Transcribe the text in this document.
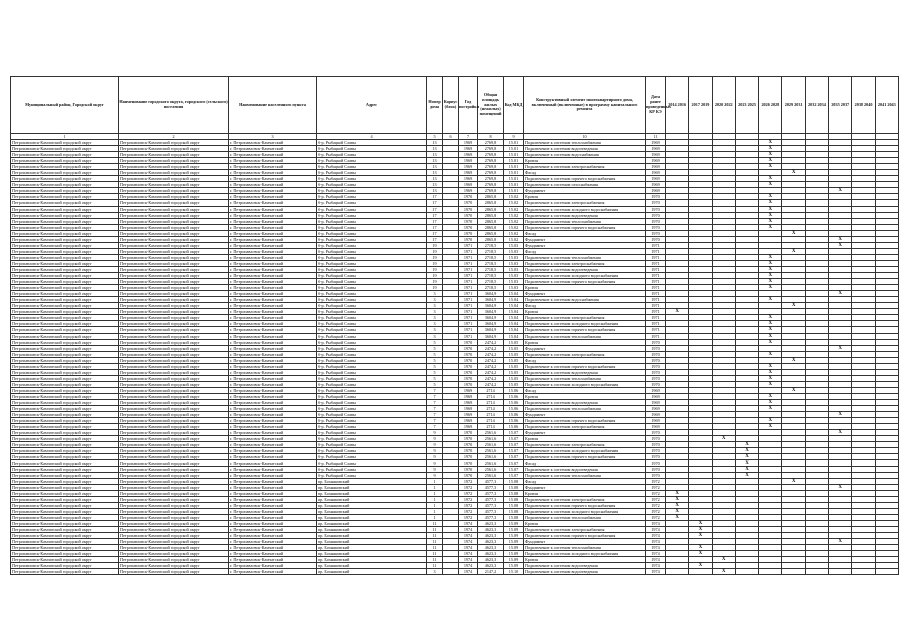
Муниципальный район, Городской округ	Наименование городского округа, городского (сельского) поселения	Наименование населенного пункта	Адрес	Номер дома	Корпус (блок)	Год постройки	Общая площадь жилых (нежилых) помещений	Код МКД	Конструктивный элемент многоквартирного дома, включенный (включенные) в программу капитального ремонта	Дата ранее проведенных КР КЭ	2014 2016	2017 2019	2020 2022	2023 2025	2026 2028	2029 2031	2032 2034	2035 2037	2038 2040	2041 2043
1	2	3	4	5	6	7	8	9	10	11										
Петропавловск-Камчатский городской округ	Петропавловск-Камчатский городской округ	г. Петропавловск-Камчатский	б-р. Рыбацкой Славы	13		1969	2769,8	15.01	Подключение к системам теплоснабжения	1969					X					
Петропавловск-Камчатский городской округ	Петропавловск-Камчатский городской округ	г. Петропавловск-Камчатский	б-р. Рыбацкой Славы	13		1969	2769,8	15.01	Подключение к системам водоотведения	1969					X					
Петропавловск-Камчатский городской округ	Петропавловск-Камчатский городской округ	г. Петропавловск-Камчатский	б-р. Рыбацкой Славы	13		1969	2769,8	15.01	Подключение к системам водоснабжения	1969					X					
Петропавловск-Камчатский городской округ	Петропавловск-Камчатский городской округ	г. Петропавловск-Камчатский	б-р. Рыбацкой Славы	13		1969	2769,8	15.01	Кровля	1969					X					
Петропавловск-Камчатский городской округ	Петропавловск-Камчатский городской округ	г. Петропавловск-Камчатский	б-р. Рыбацкой Славы	13		1969	2769,8	15.01	Подключение к системам электроснабжения	1969					X					
Петропавловск-Камчатский городской округ	Петропавловск-Камчатский городской округ	г. Петропавловск-Камчатский	б-р. Рыбацкой Славы	13		1969	2769,8	15.01	Фасад	1969						X				
Петропавловск-Камчатский городской округ	Петропавловск-Камчатский городской округ	г. Петропавловск-Камчатский	б-р. Рыбацкой Славы	13		1969	2769,8	15.01	Подключение к системам горячего водоснабжения	1969					X					
Петропавловск-Камчатский городской округ	Петропавловск-Камчатский городской округ	г. Петропавловск-Камчатский	б-р. Рыбацкой Славы	13		1969	2769,8	15.01	Подключение к системам газоснабжения	1969					X					
Петропавловск-Камчатский городской округ	Петропавловск-Камчатский городской округ	г. Петропавловск-Камчатский	б-р. Рыбацкой Славы	13		1969	2769,8	15.01	Фундамент	1969								X		
Петропавловск-Камчатский городской округ	Петропавловск-Камчатский городской округ	г. Петропавловск-Камчатский	б-р. Рыбацкой Славы	17		1970	2865,8	15.02	Кровля	1970					X					
Петропавловск-Камчатский городской округ	Петропавловск-Камчатский городской округ	г. Петропавловск-Камчатский	б-р. Рыбацкой Славы	17		1970	2865,8	15.02	Подключение к системам электроснабжения	1970					X					
Петропавловск-Камчатский городской округ	Петропавловск-Камчатский городской округ	г. Петропавловск-Камчатский	б-р. Рыбацкой Славы	17		1970	2865,8	15.02	Подключение к системам холодного водоснабжения	1970					X					
Петропавловск-Камчатский городской округ	Петропавловск-Камчатский городской округ	г. Петропавловск-Камчатский	б-р. Рыбацкой Славы	17		1970	2865,8	15.02	Подключение к системам водоотведения	1970					X					
Петропавловск-Камчатский городской округ	Петропавловск-Камчатский городской округ	г. Петропавловск-Камчатский	б-р. Рыбацкой Славы	17		1970	2865,8	15.02	Подключение к системам теплоснабжения	1970					X					
Петропавловск-Камчатский городской округ	Петропавловск-Камчатский городской округ	г. Петропавловск-Камчатский	б-р. Рыбацкой Славы	17		1970	2865,8	15.02	Подключение к системам горячего водоснабжения	1970					X					
Петропавловск-Камчатский городской округ	Петропавловск-Камчатский городской округ	г. Петропавловск-Камчатский	б-р. Рыбацкой Славы	17		1970	2865,8	15.02	Фасад	1970						X				
Петропавловск-Камчатский городской округ	Петропавловск-Камчатский городской округ	г. Петропавловск-Камчатский	б-р. Рыбацкой Славы	17		1970	2865,8	15.02	Фундамент	1970								X		
Петропавловск-Камчатский городской округ	Петропавловск-Камчатский городской округ	г. Петропавловск-Камчатский	б-р. Рыбацкой Славы	19		1971	2718,5	15.03	Фундамент	1971								X		
Петропавловск-Камчатский городской округ	Петропавловск-Камчатский городской округ	г. Петропавловск-Камчатский	б-р. Рыбацкой Славы	19		1971	2718,5	15.03	Фасад	1971						X				
Петропавловск-Камчатский городской округ	Петропавловск-Камчатский городской округ	г. Петропавловск-Камчатский	б-р. Рыбацкой Славы	19		1971	2718,5	15.03	Подключение к системам теплоснабжения	1971					X					
Петропавловск-Камчатский городской округ	Петропавловск-Камчатский городской округ	г. Петропавловск-Камчатский	б-р. Рыбацкой Славы	19		1971	2718,5	15.03	Подключение к системам электроснабжения	1971					X					
Петропавловск-Камчатский городской округ	Петропавловск-Камчатский городской округ	г. Петропавловск-Камчатский	б-р. Рыбацкой Славы	19		1971	2718,5	15.03	Подключение к системам водоотведения	1971					X					
Петропавловск-Камчатский городской округ	Петропавловск-Камчатский городской округ	г. Петропавловск-Камчатский	б-р. Рыбацкой Славы	19		1971	2718,5	15.03	Подключение к системам холодного водоснабжения	1971					X					
Петропавловск-Камчатский городской округ	Петропавловск-Камчатский городской округ	г. Петропавловск-Камчатский	б-р. Рыбацкой Славы	19		1971	2718,5	15.03	Подключение к системам горячего водоснабжения	1971					X					
Петропавловск-Камчатский городской округ	Петропавловск-Камчатский городской округ	г. Петропавловск-Камчатский	б-р. Рыбацкой Славы	19		1971	2718,5	15.03	Кровля	1971					X					
Петропавловск-Камчатский городской округ	Петропавловск-Камчатский городской округ	г. Петропавловск-Камчатский	б-р. Рыбацкой Славы	3		1971	3604,9	15.04	Фундамент	1971								X		
Петропавловск-Камчатский городской округ	Петропавловск-Камчатский городской округ	г. Петропавловск-Камчатский	б-р. Рыбацкой Славы	3		1971	3604,9	15.04	Подключение к системам водоснабжения	1971					X					
Петропавловск-Камчатский городской округ	Петропавловск-Камчатский городской округ	г. Петропавловск-Камчатский	б-р. Рыбацкой Славы	3		1971	3604,9	15.04	Фасад	1971						X				
Петропавловск-Камчатский городской округ	Петропавловск-Камчатский городской округ	г. Петропавловск-Камчатский	б-р. Рыбацкой Славы	3		1971	3604,9	15.04	Кровля	1971	X									
Петропавловск-Камчатский городской округ	Петропавловск-Камчатский городской округ	г. Петропавловск-Камчатский	б-р. Рыбацкой Славы	3		1971	3604,9	15.04	Подключение к системам электроснабжения	1971					X					
Петропавловск-Камчатский городской округ	Петропавловск-Камчатский городской округ	г. Петропавловск-Камчатский	б-р. Рыбацкой Славы	3		1971	3604,9	15.04	Подключение к системам холодного водоснабжения	1971					X					
Петропавловск-Камчатский городской округ	Петропавловск-Камчатский городской округ	г. Петропавловск-Камчатский	б-р. Рыбацкой Славы	3		1971	3604,9	15.04	Подключение к системам горячего водоснабжения	1971					X					
Петропавловск-Камчатский городской округ	Петропавловск-Камчатский городской округ	г. Петропавловск-Камчатский	б-р. Рыбацкой Славы	3		1971	3604,9	15.04	Подключение к системам теплоснабжения	1971					X					
Петропавловск-Камчатский городской округ	Петропавловск-Камчатский городской округ	г. Петропавловск-Камчатский	б-р. Рыбацкой Славы	5		1970	2474,2	15.05	Кровля	1970					X					
Петропавловск-Камчатский городской округ	Петропавловск-Камчатский городской округ	г. Петропавловск-Камчатский	б-р. Рыбацкой Славы	5		1970	2474,2	15.05	Фундамент	1970								X		
Петропавловск-Камчатский городской округ	Петропавловск-Камчатский городской округ	г. Петропавловск-Камчатский	б-р. Рыбацкой Славы	5		1970	2474,2	15.05	Подключение к системам электроснабжения	1970					X					
Петропавловск-Камчатский городской округ	Петропавловск-Камчатский городской округ	г. Петропавловск-Камчатский	б-р. Рыбацкой Славы	5		1970	2474,2	15.05	Фасад	1970						X				
Петропавловск-Камчатский городской округ	Петропавловск-Камчатский городской округ	г. Петропавловск-Камчатский	б-р. Рыбацкой Славы	5		1970	2474,2	15.05	Подключение к системам горячего водоснабжения	1970					X					
Петропавловск-Камчатский городской округ	Петропавловск-Камчатский городской округ	г. Петропавловск-Камчатский	б-р. Рыбацкой Славы	5		1970	2474,2	15.05	Подключение к системам водоотведения	1970					X					
Петропавловск-Камчатский городской округ	Петропавловск-Камчатский городской округ	г. Петропавловск-Камчатский	б-р. Рыбацкой Славы	5		1970	2474,2	15.05	Подключение к системам теплоснабжения	1970					X					
Петропавловск-Камчатский городской округ	Петропавловск-Камчатский городской округ	г. Петропавловск-Камчатский	б-р. Рыбацкой Славы	5		1970	2474,2	15.05	Подключение к системам холодного водоснабжения	1970					X					
Петропавловск-Камчатский городской округ	Петропавловск-Камчатский городской округ	г. Петропавловск-Камчатский	б-р. Рыбацкой Славы	7		1969	2714	15.06	Фасад	1969						X				
Петропавловск-Камчатский городской округ	Петропавловск-Камчатский городской округ	г. Петропавловск-Камчатский	б-р. Рыбацкой Славы	7		1969	2714	15.06	Кровля	1969					X					
Петропавловск-Камчатский городской округ	Петропавловск-Камчатский городской округ	г. Петропавловск-Камчатский	б-р. Рыбацкой Славы	7		1969	2714	15.06	Подключение к системам водоотведения	1969					X					
Петропавловск-Камчатский городской округ	Петропавловск-Камчатский городской округ	г. Петропавловск-Камчатский	б-р. Рыбацкой Славы	7		1969	2714	15.06	Подключение к системам теплоснабжения	1969					X					
Петропавловск-Камчатский городской округ	Петропавловск-Камчатский городской округ	г. Петропавловск-Камчатский	б-р. Рыбацкой Славы	7		1969	2714	15.06	Фундамент	1969								X		
Петропавловск-Камчатский городской округ	Петропавловск-Камчатский городской округ	г. Петропавловск-Камчатский	б-р. Рыбацкой Славы	7		1969	2714	15.06	Подключение к системам горячего водоснабжения	1969					X					
Петропавловск-Камчатский городской округ	Петропавловск-Камчатский городской округ	г. Петропавловск-Камчатский	б-р. Рыбацкой Славы	7		1969	2714	15.06	Подключение к системам электроснабжения	1969					X					
Петропавловск-Камчатский городской округ	Петропавловск-Камчатский городской округ	г. Петропавловск-Камчатский	б-р. Рыбацкой Славы	9		1970	2561,6	15.07	Фундамент	1970								X		
Петропавловск-Камчатский городской округ	Петропавловск-Камчатский городской округ	г. Петропавловск-Камчатский	б-р. Рыбацкой Славы	9		1970	2561,6	15.07	Кровля	1970			X							
Петропавловск-Камчатский городской округ	Петропавловск-Камчатский городской округ	г. Петропавловск-Камчатский	б-р. Рыбацкой Славы	9		1970	2561,6	15.07	Подключение к системам электроснабжения	1970				X						
Петропавловск-Камчатский городской округ	Петропавловск-Камчатский городской округ	г. Петропавловск-Камчатский	б-р. Рыбацкой Славы	9		1970	2561,6	15.07	Подключение к системам холодного водоснабжения	1970				X						
Петропавловск-Камчатский городской округ	Петропавловск-Камчатский городской округ	г. Петропавловск-Камчатский	б-р. Рыбацкой Славы	9		1970	2561,6	15.07	Подключение к системам горячего водоснабжения	1970				X						
Петропавловск-Камчатский городской округ	Петропавловск-Камчатский городской округ	г. Петропавловск-Камчатский	б-р. Рыбацкой Славы	9		1970	2561,6	15.07	Фасад	1970				X						
Петропавловск-Камчатский городской округ	Петропавловск-Камчатский городской округ	г. Петропавловск-Камчатский	б-р. Рыбацкой Славы	9		1970	2561,6	15.07	Подключение к системам водоотведения	1970				X						
Петропавловск-Камчатский городской округ	Петропавловск-Камчатский городской округ	г. Петропавловск-Камчатский	б-р. Рыбацкой Славы	9		1970	2561,6	15.07	Подключение к системам теплоснабжения	1970				X						
Петропавловск-Камчатский городской округ	Петропавловск-Камчатский городской округ	г. Петропавловск-Камчатский	пр. Бохняковский	1		1972	4577,3	15.08	Фасад	1972						X				
Петропавловск-Камчатский городской округ	Петропавловск-Камчатский городской округ	г. Петропавловск-Камчатский	пр. Бохняковский	1		1972	4577,3	15.08	Фундамент	1972								X		
Петропавловск-Камчатский городской округ	Петропавловск-Камчатский городской округ	г. Петропавловск-Камчатский	пр. Бохняковский	1		1972	4577,3	15.08	Кровля	1972	X									
Петропавловск-Камчатский городской округ	Петропавловск-Камчатский городской округ	г. Петропавловск-Камчатский	пр. Бохняковский	1		1972	4577,3	15.08	Подключение к системам электроснабжения	1972	X									
Петропавловск-Камчатский городской округ	Петропавловск-Камчатский городской округ	г. Петропавловск-Камчатский	пр. Бохняковский	1		1972	4577,3	15.08	Подключение к системам горячего водоснабжения	1972	X									
Петропавловск-Камчатский городской округ	Петропавловск-Камчатский городской округ	г. Петропавловск-Камчатский	пр. Бохняковский	1		1972	4577,3	15.08	Подключение к системам холодного водоснабжения	1972	X									
Петропавловск-Камчатский городской округ	Петропавловск-Камчатский городской округ	г. Петропавловск-Камчатский	пр. Бохняковский	1		1972	4577,3	15.08	Подключение к системам теплоснабжения	1972	X									
Петропавловск-Камчатский городской округ	Петропавловск-Камчатский городской округ	г. Петропавловск-Камчатский	пр. Бохняковский	11		1974	4623,3	15.09	Кровля	1974		X								
Петропавловск-Камчатский городской округ	Петропавловск-Камчатский городской округ	г. Петропавловск-Камчатский	пр. Бохняковский	11		1974	4623,3	15.09	Подключение к системам электроснабжения	1974		X								
Петропавловск-Камчатский городской округ	Петропавловск-Камчатский городской округ	г. Петропавловск-Камчатский	пр. Бохняковский	11		1974	4623,3	15.09	Подключение к системам горячего водоснабжения	1974		X								
Петропавловск-Камчатский городской округ	Петропавловск-Камчатский городской округ	г. Петропавловск-Камчатский	пр. Бохняковский	11		1974	4623,3	15.09	Фундамент	1974								X		
Петропавловск-Камчатский городской округ	Петропавловск-Камчатский городской округ	г. Петропавловск-Камчатский	пр. Бохняковский	11		1974	4623,3	15.09	Подключение к системам теплоснабжения	1974		X								
Петропавловск-Камчатский городской округ	Петропавловск-Камчатский городской округ	г. Петропавловск-Камчатский	пр. Бохняковский	11		1974	4623,3	15.09	Подключение к системам холодного водоснабжения	1974		X								
Петропавловск-Камчатский городской округ	Петропавловск-Камчатский городской округ	г. Петропавловск-Камчатский	пр. Бохняковский	11		1974	4623,3	15.09	Кровля	1974			X							
Петропавловск-Камчатский городской округ	Петропавловск-Камчатский городской округ	г. Петропавловск-Камчатский	пр. Бохняковский	11		1974	4623,3	15.09	Подключение к системам водоотведения	1974		X								
Петропавловск-Камчатский городской округ	Петропавловск-Камчатский городской округ	г. Петропавловск-Камчатский	пр. Бохняковский	3		1974	2147,2	15.10	Подключение к системам водоотведения	1974			X							
